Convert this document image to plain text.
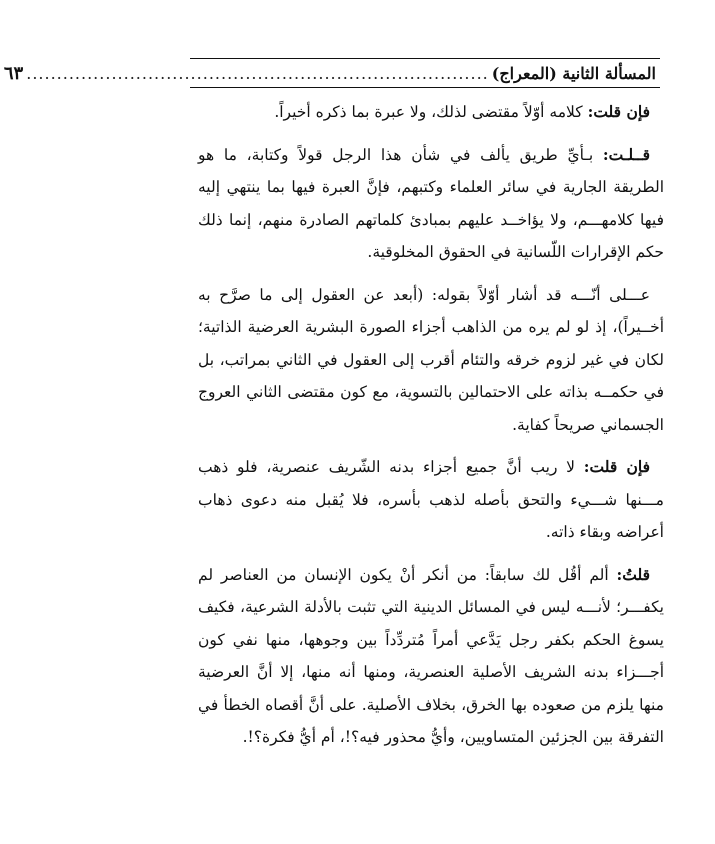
المسألة الثانية (المعراج)
............................................................................
٦٣

فإن قلت: كلامه أوّلاً مقتضى لذلك، ولا عبرة بما ذكره أخيراً.

قــلـت: بـأيِّ طريق يألف في شأن هذا الرجل قولاً وكتابة، ما هو الطريقة الجارية في سائر العلماء وكتبهم، فإنَّ العبرة فيها بما ينتهي إليه فيها كلامهـــم، ولا يؤاخــد عليهم بمبادئ كلماتهم الصادرة منهم، إنما ذلك حكم الإقرارات اللّسانية في الحقوق المخلوقية.

عـــلى أنّـــه قد أشار أوّلاً بقوله: (أبعد عن العقول إلى ما صرَّح به أخــيراً)، إذ لو لم يره من الذاهب أجزاء الصورة البشرية العرضية الذاتية؛ لكان في غير لزوم خرقه والتئام أقرب إلى العقول في الثاني بمراتب، بل في حكمــه بذاته على الاحتمالين بالتسوية، مع كون مقتضى الثاني العروج الجسماني صريحاً كفاية.

فإن قلت: لا ريب أنَّ جميع أجزاء بدنه الشّريف عنصرية، فلو ذهب مـــنها شـــيء والتحق بأصله لذهب بأسره، فلا يُقبل منه دعوى ذهاب أعراضه وبقاء ذاته.

قلتُ: ألم أقُل لك سابقاً: من أنكر أنْ يكون الإنسان من العناصر لم يكفـــر؛ لأنـــه ليس في المسائل الدينية التي تثبت بالأدلة الشرعية، فكيف يسوغ الحكم بكفر رجل يَدَّعي أمراً مُتردِّداً بين وجوهها، منها نفي كون أجـــزاء بدنه الشريف الأصلية العنصرية، ومنها أنه منها، إلا أنَّ العرضية منها يلزم من صعوده بها الخرق، بخلاف الأصلية. على أنَّ أقصاه الخطأ في التفرقة بين الجزئين المتساويين، وأيُّ محذور فيه؟!، أم أيُّ فكرة؟!.
